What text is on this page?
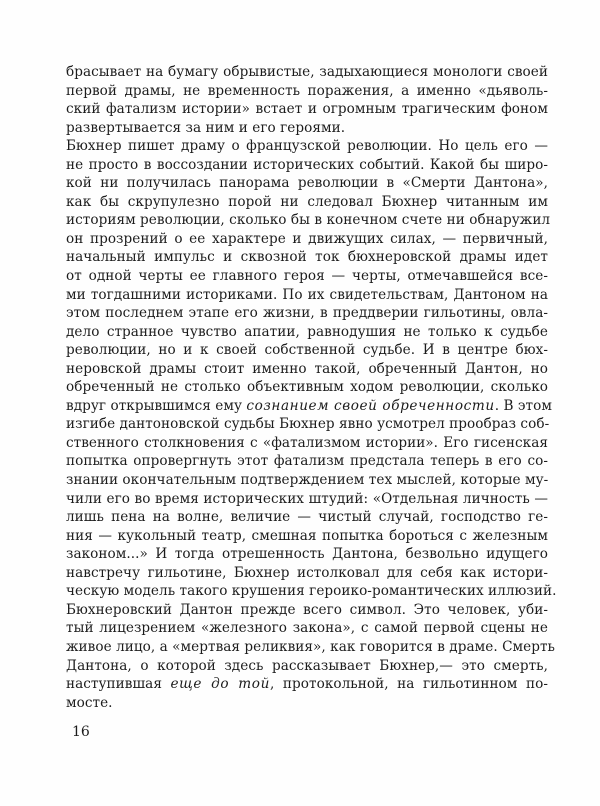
брасывает на бумагу обрывистые, задыхающиеся монологи своей
первой драмы, не временность поражения, а именно «дьяволь-
ский фатализм истории» встает и огромным трагическим фоном
развертывается за ним и его героями.
Бюхнер пишет драму о французской революции. Но цель его —
не просто в воссоздании исторических событий. Какой бы широ-
кой ни получилась панорама революции в «Смерти Дантона»,
как бы скрупулезно порой ни следовал Бюхнер читанным им
историям революции, сколько бы в конечном счете ни обнаружил
он прозрений о ее характере и движущих силах, — первичный,
начальный импульс и сквозной ток бюхнеровской драмы идет
от одной черты ее главного героя — черты, отмечавшейся все-
ми тогдашними историками. По их свидетельствам, Дантоном на
этом последнем этапе его жизни, в преддверии гильотины, овла-
дело странное чувство апатии, равнодушия не только к судьбе
революции, но и к своей собственной судьбе. И в центре бюх-
неровской драмы стоит именно такой, обреченный Дантон, но
обреченный не столько объективным ходом революции, сколько
вдруг открывшимся ему сознанием своей обреченности. В этом
изгибе дантоновской судьбы Бюхнер явно усмотрел прообраз соб-
ственного столкновения с «фатализмом истории». Его гисенская
попытка опровергнуть этот фатализм предстала теперь в его со-
знании окончательным подтверждением тех мыслей, которые му-
чили его во время исторических штудий: «Отдельная личность —
лишь пена на волне, величие — чистый случай, господство ге-
ния — кукольный театр, смешная попытка бороться с железным
законом...» И тогда отрешенность Дантона, безвольно идущего
навстречу гильотине, Бюхнер истолковал для себя как истори-
ческую модель такого крушения героико-романтических иллюзий.
Бюхнеровский Дантон прежде всего символ. Это человек, уби-
тый лицезрением «железного закона», с самой первой сцены не
живое лицо, а «мертвая реликвия», как говорится в драме. Смерть
Дантона, о которой здесь рассказывает Бюхнер,— это смерть,
наступившая еще до той, протокольной, на гильотинном по-
мосте.
16
